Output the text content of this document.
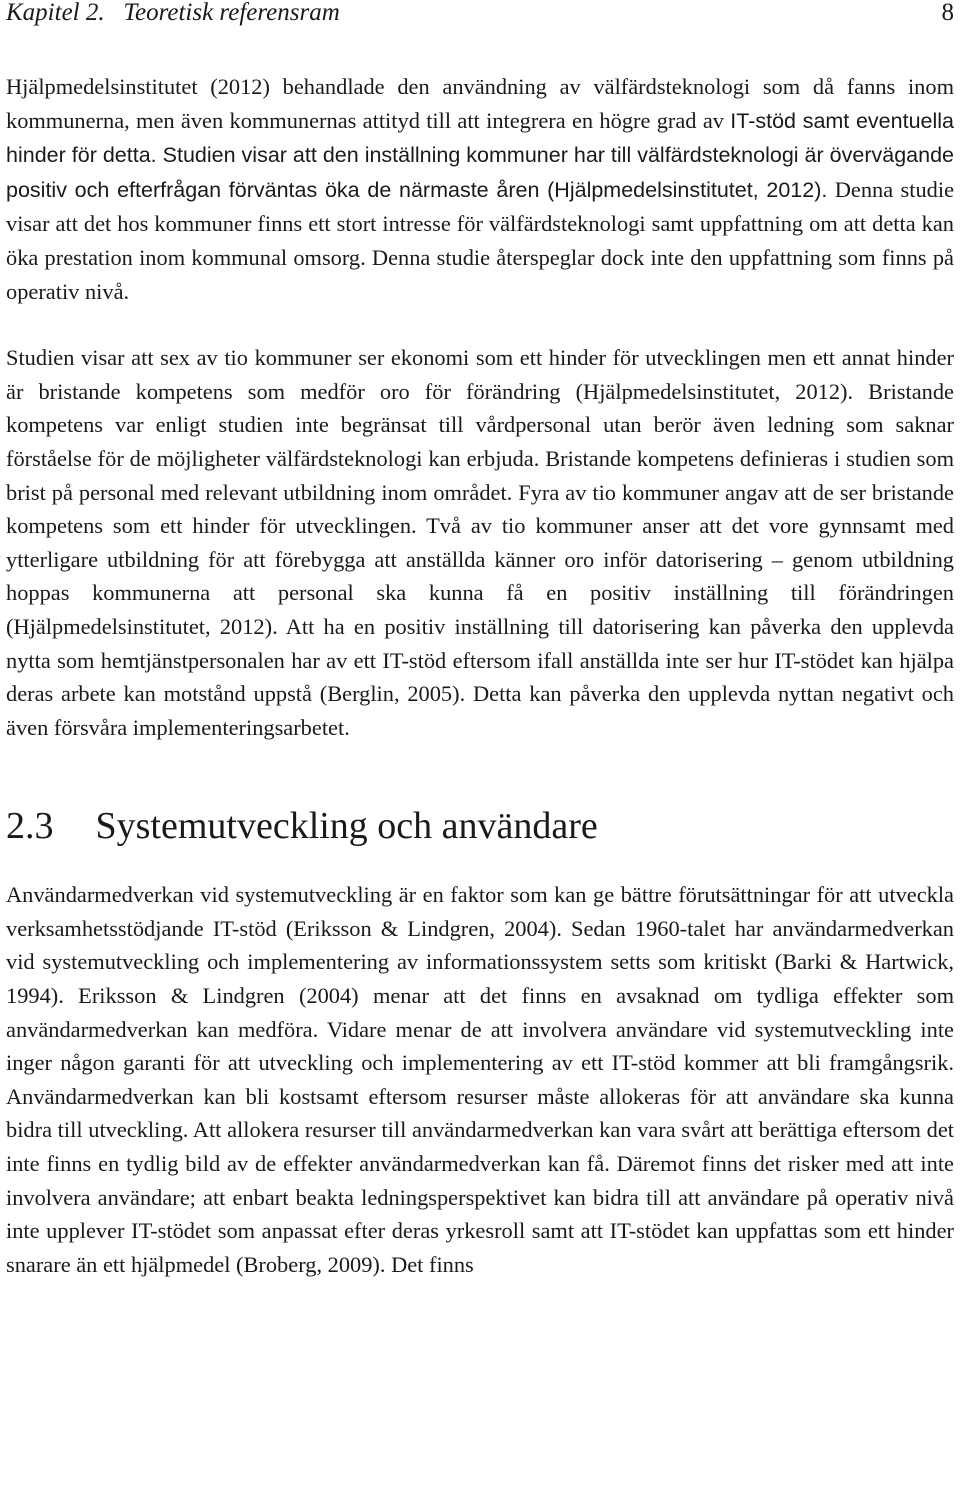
Kapitel 2. Teoretisk referensram	8

Hjälpmedelsinstitutet (2012) behandlade den användning av välfärdsteknologi som då fanns inom kommunerna, men även kommunernas attityd till att integrera en högre grad av IT-stöd samt eventuella hinder för detta. Studien visar att den inställning kommuner har till välfärdsteknologi är övervägande positiv och efterfrågan förväntas öka de närmaste åren (Hjälpmedelsinstitutet, 2012). Denna studie visar att det hos kommuner finns ett stort intresse för välfärdsteknologi samt uppfattning om att detta kan öka prestation inom kommunal omsorg. Denna studie återspeglar dock inte den uppfattning som finns på operativ nivå.

Studien visar att sex av tio kommuner ser ekonomi som ett hinder för utvecklingen men ett annat hinder är bristande kompetens som medför oro för förändring (Hjälpmedelsinstitutet, 2012). Bristande kompetens var enligt studien inte begränsat till vårdpersonal utan berör även ledning som saknar förståelse för de möjligheter välfärdsteknologi kan erbjuda. Bristande kompetens definieras i studien som brist på personal med relevant utbildning inom området. Fyra av tio kommuner angav att de ser bristande kompetens som ett hinder för utvecklingen. Två av tio kommuner anser att det vore gynnsamt med ytterligare utbildning för att förebygga att anställda känner oro inför datorisering – genom utbildning hoppas kommunerna att personal ska kunna få en positiv inställning till förändringen (Hjälpmedelsinstitutet, 2012). Att ha en positiv inställning till datorisering kan påverka den upplevda nytta som hemtjänstpersonalen har av ett IT-stöd eftersom ifall anställda inte ser hur IT-stödet kan hjälpa deras arbete kan motstånd uppstå (Berglin, 2005). Detta kan påverka den upplevda nyttan negativt och även försvåra implementeringsarbetet.

2.3 Systemutveckling och användare

Användarmedverkan vid systemutveckling är en faktor som kan ge bättre förutsättningar för att utveckla verksamhetsstödjande IT-stöd (Eriksson & Lindgren, 2004). Sedan 1960-talet har användarmedverkan vid systemutveckling och implementering av informationssystem setts som kritiskt (Barki & Hartwick, 1994). Eriksson & Lindgren (2004) menar att det finns en avsaknad om tydliga effekter som användarmedverkan kan medföra. Vidare menar de att involvera användare vid systemutveckling inte inger någon garanti för att utveckling och implementering av ett IT-stöd kommer att bli framgångsrik. Användarmedverkan kan bli kostsamt eftersom resurser måste allokeras för att användare ska kunna bidra till utveckling. Att allokera resurser till användarmedverkan kan vara svårt att berättiga eftersom det inte finns en tydlig bild av de effekter användarmedverkan kan få. Däremot finns det risker med att inte involvera användare; att enbart beakta ledningsperspektivet kan bidra till att användare på operativ nivå inte upplever IT-stödet som anpassat efter deras yrkesroll samt att IT-stödet kan uppfattas som ett hinder snarare än ett hjälpmedel (Broberg, 2009). Det finns
